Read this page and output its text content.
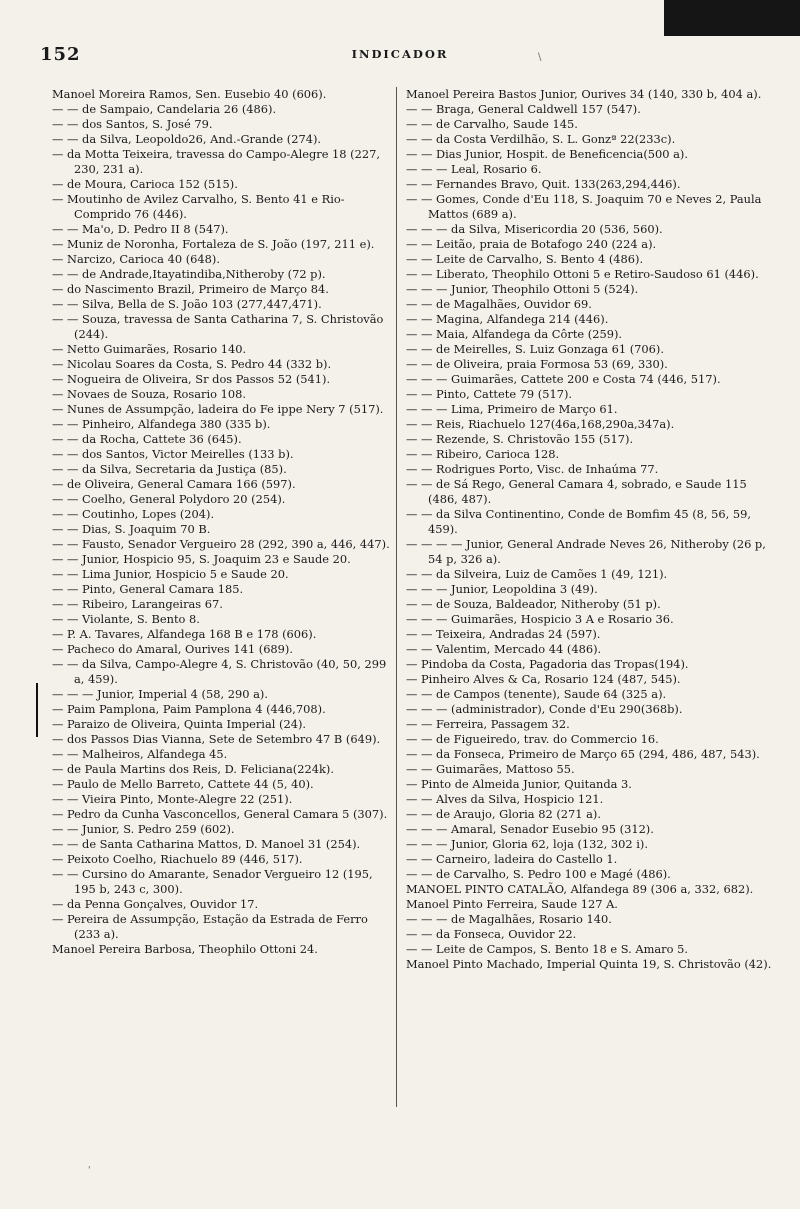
152	INDICADOR	\
Manoel Moreira Ramos, Sen. Eusebio 40 (606).
— — de Sampaio, Candelaria 26 (486).
— — dos Santos, S. José 79.
— — da Silva, Leopoldo26, And.-Grande (274).
— da Motta Teixeira, travessa do Campo-Alegre 18 (227, 230, 231 a).
— de Moura, Carioca 152 (515).
— Moutinho de Avilez Carvalho, S. Bento 41 e Rio-Comprido 76 (446).
— — Ma'o, D. Pedro II 8 (547).
— Muniz de Noronha, Fortaleza de S. João (197, 211 e).
— Narcizo, Carioca 40 (648).
— — de Andrade,Itayatindiba,Nitheroby (72 p).
— do Nascimento Brazil, Primeiro de Março 84.
— — Silva, Bella de S. João 103 (277,447,471).
— — Souza, travessa de Santa Catharina 7, S. Christovão (244).
— Netto Guimarães, Rosario 140.
— Nicolau Soares da Costa, S. Pedro 44 (332 b).
— Nogueira de Oliveira, Sr dos Passos 52 (541).
— Novaes de Souza, Rosario 108.
— Nunes de Assumpção, ladeira do Fe ippe Nery 7 (517).
— — Pinheiro, Alfandega 380 (335 b).
— — da Rocha, Cattete 36 (645).
— — dos Santos, Victor Meirelles (133 b).
— — da Silva, Secretaria da Justiça (85).
— de Oliveira, General Camara 166 (597).
— — Coelho, General Polydoro 20 (254).
— — Coutinho, Lopes (204).
— — Dias, S. Joaquim 70 B.
— — Fausto, Senador Vergueiro 28 (292, 390 a, 446, 447).
— — Junior, Hospicio 95, S. Joaquim 23 e Saude 20.
— — Lima Junior, Hospicio 5 e Saude 20.
— — Pinto, General Camara 185.
— — Ribeiro, Larangeiras 67.
— — Violante, S. Bento 8.
— P. A. Tavares, Alfandega 168 B e 178 (606).
— Pacheco do Amaral, Ourives 141 (689).
— — da Silva, Campo-Alegre 4, S. Christovão (40, 50, 299 a, 459).
— — — Junior, Imperial 4 (58, 290 a).
— Paim Pamplona, Paim Pamplona 4 (446,708).
— Paraizo de Oliveira, Quinta Imperial (24).
— dos Passos Dias Vianna, Sete de Setembro 47 B (649).
— — Malheiros, Alfandega 45.
— de Paula Martins dos Reis, D. Feliciana(224k).
— Paulo de Mello Barreto, Cattete 44 (5, 40).
— — Vieira Pinto, Monte-Alegre 22 (251).
— Pedro da Cunha Vasconcellos, General Camara 5 (307).
— — Junior, S. Pedro 259 (602).
— — de Santa Catharina Mattos, D. Manoel 31 (254).
— Peixoto Coelho, Riachuelo 89 (446, 517).
— — Cursino do Amarante, Senador Vergueiro 12 (195, 195 b, 243 c, 300).
— da Penna Gonçalves, Ouvidor 17.
— Pereira de Assumpção, Estação da Estrada de Ferro (233 a).
Manoel Pereira Barbosa, Theophilo Ottoni 24.
Manoel Pereira Bastos Junior, Ourives 34 (140, 330 b, 404 a).
— — Braga, General Caldwell 157 (547).
— — de Carvalho, Saude 145.
— — da Costa Verdilhão, S. L. Gonzª 22(233c).
— — Dias Junior, Hospit. de Beneficencia(500 a).
— — — Leal, Rosario 6.
— — Fernandes Bravo, Quit. 133(263,294,446).
— — Gomes, Conde d'Eu 118, S. Joaquim 70 e Neves 2, Paula Mattos (689 a).
— — — da Silva, Misericordia 20 (536, 560).
— — Leitão, praia de Botafogo 240 (224 a).
— — Leite de Carvalho, S. Bento 4 (486).
— — Liberato, Theophilo Ottoni 5 e Retiro-Saudoso 61 (446).
— — — Junior, Theophilo Ottoni 5 (524).
— — de Magalhães, Ouvidor 69.
— — Magina, Alfandega 214 (446).
— — Maia, Alfandega da Côrte (259).
— — de Meirelles, S. Luiz Gonzaga 61 (706).
— — de Oliveira, praia Formosa 53 (69, 330).
— — — Guimarães, Cattete 200 e Costa 74 (446, 517).
— — Pinto, Cattete 79 (517).
— — — Lima, Primeiro de Março 61.
— — Reis, Riachuelo 127(46a,168,290a,347a).
— — Rezende, S. Christovão 155 (517).
— — Ribeiro, Carioca 128.
— — Rodrigues Porto, Visc. de Inhaúma 77.
— — de Sá Rego, General Camara 4, sobrado, e Saude 115 (486, 487).
— — da Silva Continentino, Conde de Bomfim 45 (8, 56, 59, 459).
— — — — Junior, General Andrade Neves 26, Nitheroby (26 p, 54 p, 326 a).
— — da Silveira, Luiz de Camões 1 (49, 121).
— — — Junior, Leopoldina 3 (49).
— — de Souza, Baldeador, Nitheroby (51 p).
— — — Guimarães, Hospicio 3 A e Rosario 36.
— — Teixeira, Andradas 24 (597).
— — Valentim, Mercado 44 (486).
— Pindoba da Costa, Pagadoria das Tropas(194).
— Pinheiro Alves & Ca, Rosario 124 (487, 545).
— — de Campos (tenente), Saude 64 (325 a).
— — — (administrador), Conde d'Eu 290(368b).
— — Ferreira, Passagem 32.
— — de Figueiredo, trav. do Commercio 16.
— — da Fonseca, Primeiro de Março 65 (294, 486, 487, 543).
— — Guimarães, Mattoso 55.
— Pinto de Almeida Junior, Quitanda 3.
— — Alves da Silva, Hospicio 121.
— — de Araujo, Gloria 82 (271 a).
— — — Amaral, Senador Eusebio 95 (312).
— — — Junior, Gloria 62, loja (132, 302 i).
— — Carneiro, ladeira do Castello 1.
— — de Carvalho, S. Pedro 100 e Magé (486).
MANOEL PINTO CATALÃO, Alfandega 89 (306 a, 332, 682).
Manoel Pinto Ferreira, Saude 127 A.
— — — de Magalhães, Rosario 140.
— — da Fonseca, Ouvidor 22.
— — Leite de Campos, S. Bento 18 e S. Amaro 5.
Manoel Pinto Machado, Imperial Quinta 19, S. Christovão (42).
'
